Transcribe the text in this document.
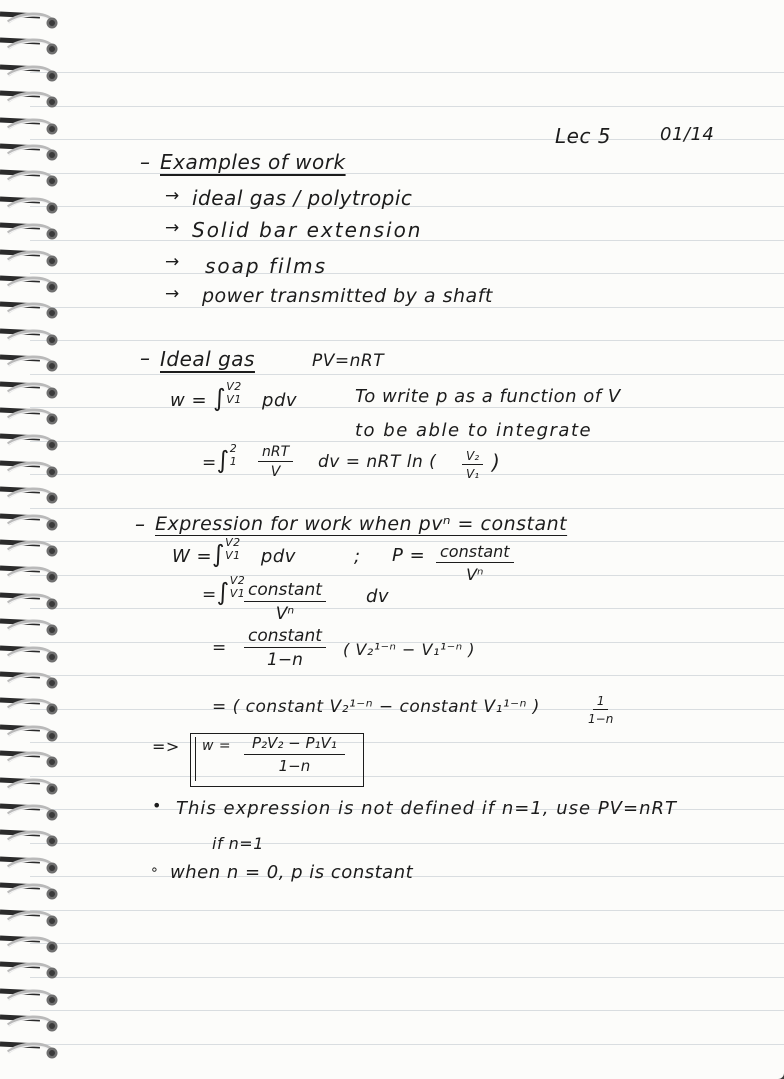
Lec 5	01/14
– Examples of work
→ ideal gas / polytropic
→ Solid bar extension
→ soap films
→ power transmitted by a shaft
– Ideal gas	PV=nRT
w = ∫ V2
V1 pdv	To write p as a function of V
to be able to integrate
=∫ 2
1
nRT
V dv = nRT ln ( $\frac{\text{V₂}}{\text{V₁}}$ )
– Expression for work when pvⁿ = constant
W =∫ V2
V1 pdv	; P = constant
Vⁿ
=∫ V2
V1 constant
Vⁿ
dv
=
constant
1−n
( V₂¹⁻ⁿ − V₁¹⁻ⁿ )
= ( constant V₂¹⁻ⁿ − constant V₁¹⁻ⁿ )	$\frac{1}{1-n}$
=> $w = \frac{\text{P₂V₂ − P₁V₁}}{1-n}$
• This expression is not defined if n=1, use PV=nRT
if n=1
∘ when n = 0, p is constant
